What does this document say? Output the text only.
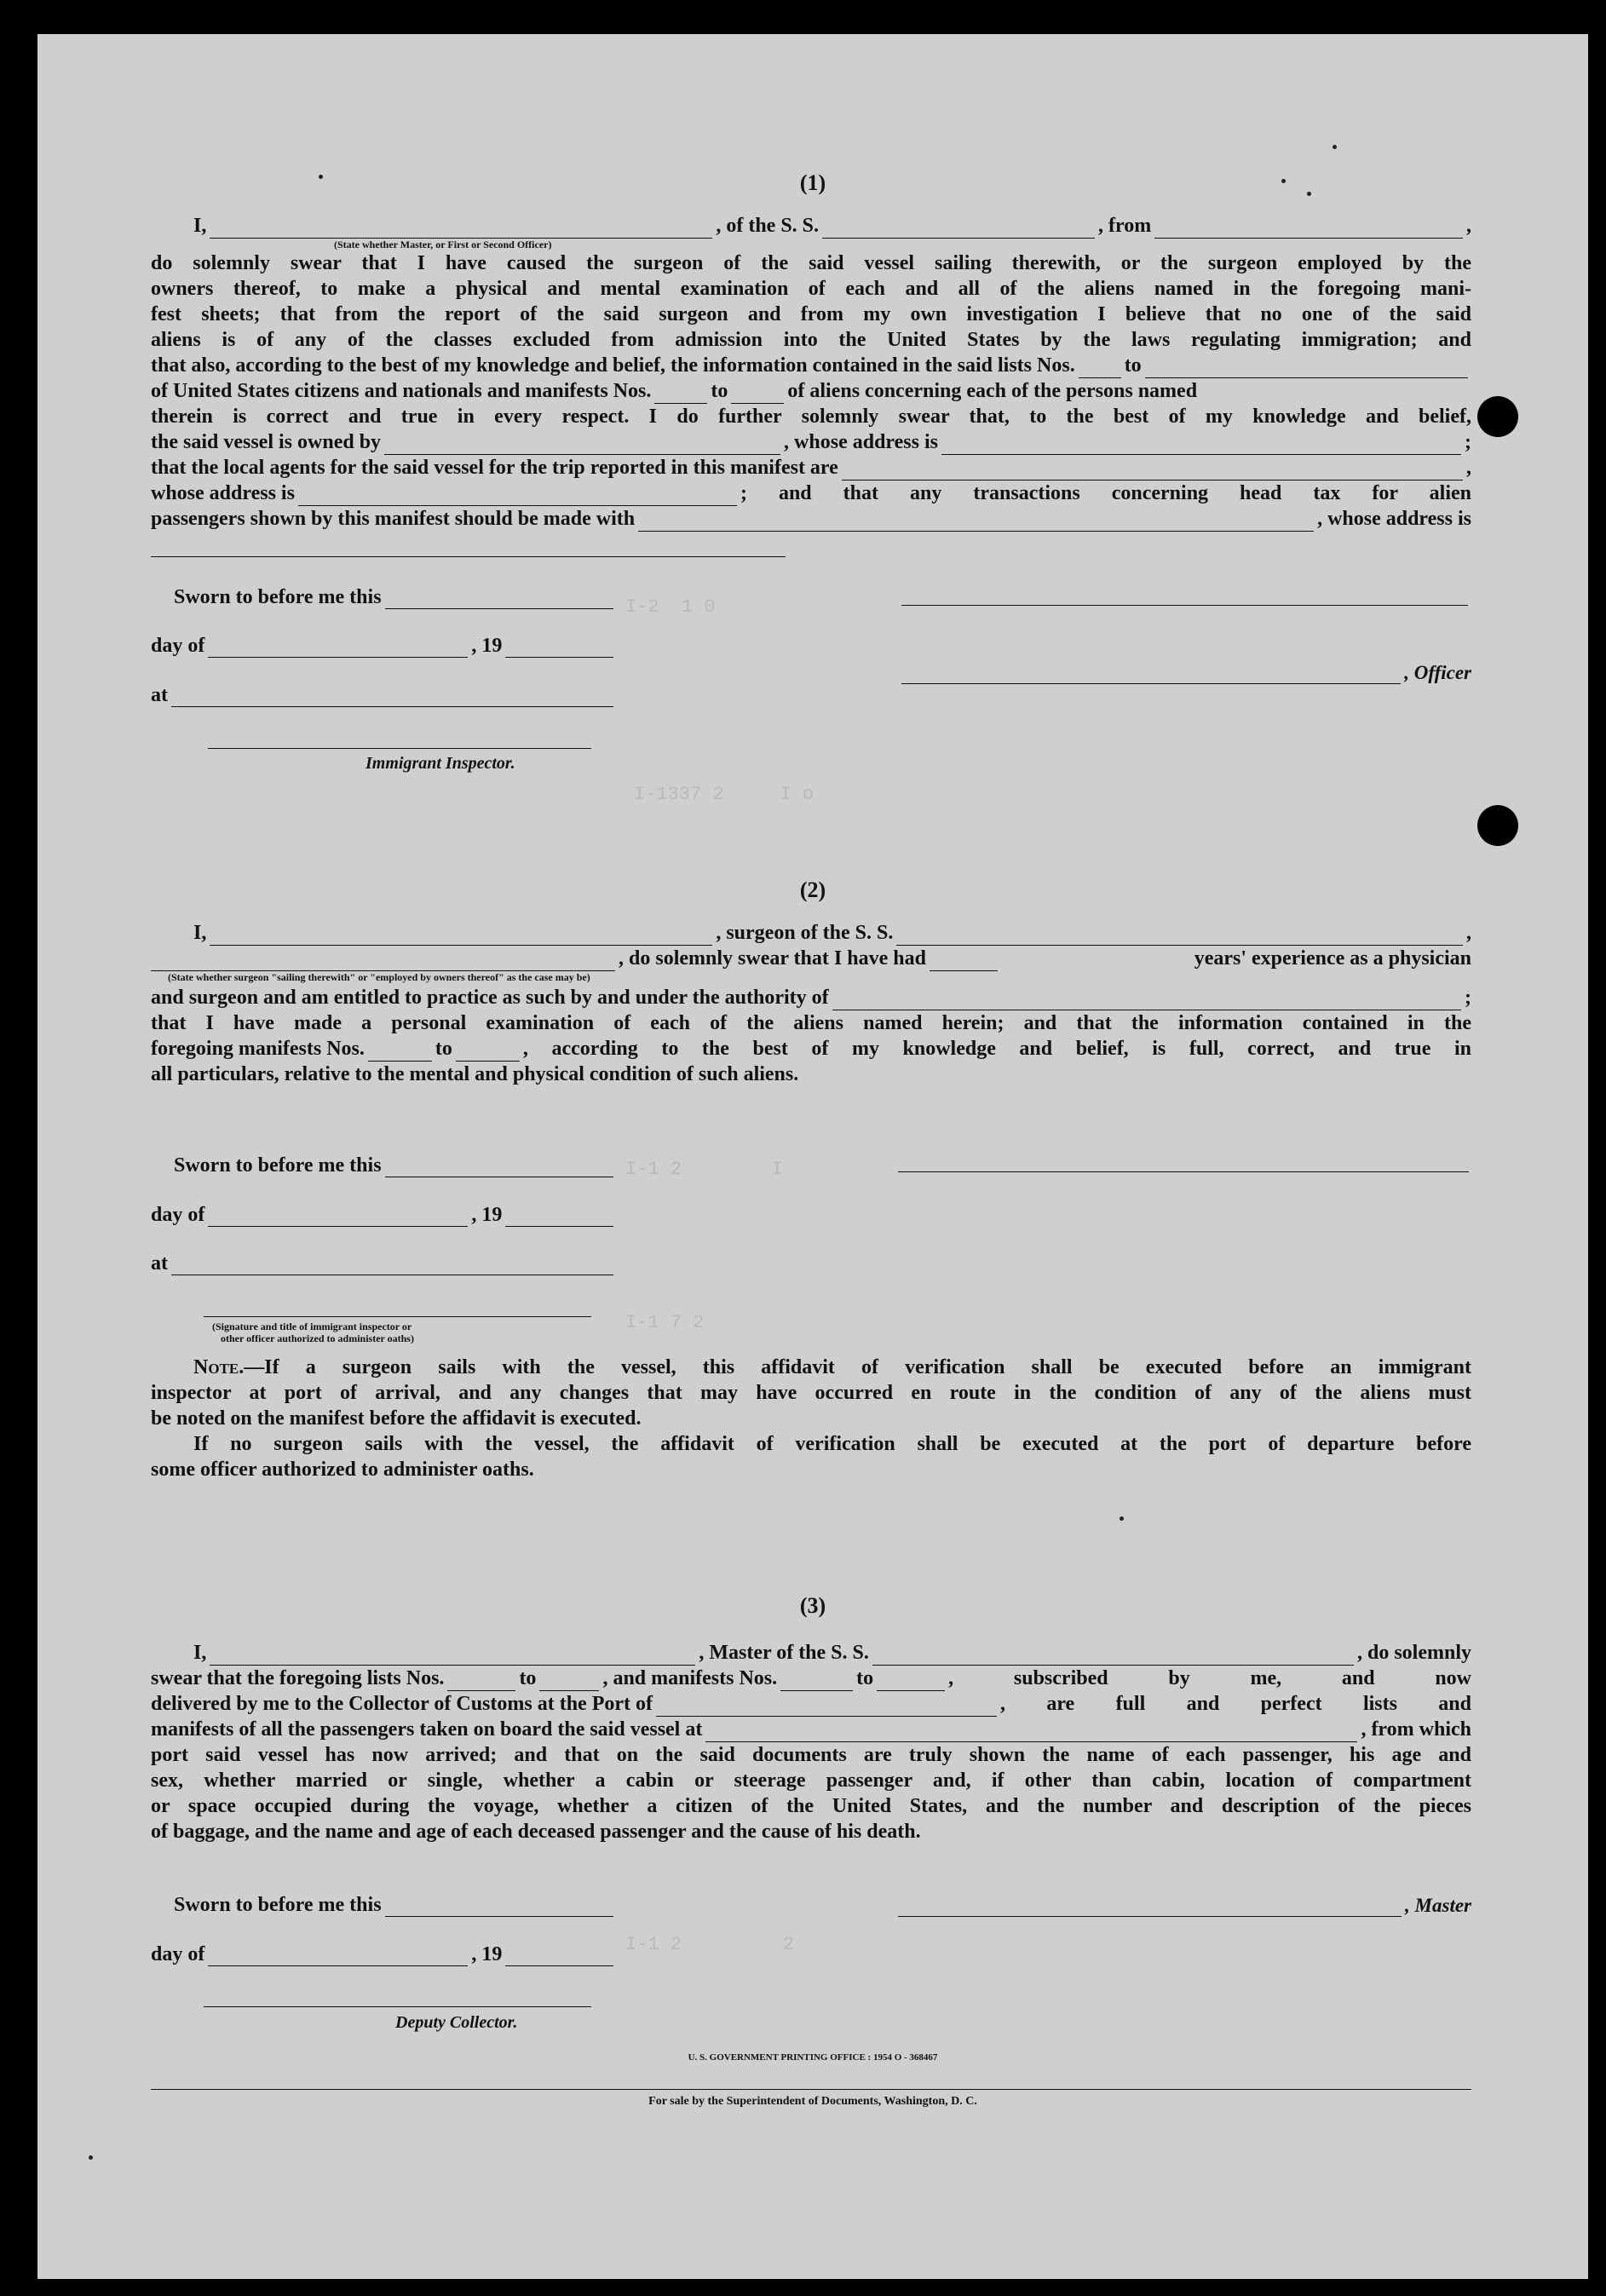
I-2  1 0
I-1337 2     I o
I-1 2        I
I-1 7 2
I-1 2         2
(1)
I,	, of the S. S.	, from	,
(State whether Master, or First or Second Officer)
do solemnly swear that I have caused the surgeon of the said vessel sailing therewith, or the surgeon employed by the
owners thereof, to make a physical and mental examination of each and all of the aliens named in the foregoing mani-
fest sheets; that from the report of the said surgeon and from my own investigation I believe that no one of the said
aliens is of any of the classes excluded from admission into the United States by the laws regulating immigration; and
that also, according to the best of my knowledge and belief, the information contained in the said lists Nos. to
of United States citizens and nationals and manifests Nos.	to	of aliens concerning each of the persons named
therein is correct and true in every respect. I do further solemnly swear that, to the best of my knowledge and belief,
the said vessel is owned by	, whose address is	;
that the local agents for the said vessel for the trip reported in this manifest are	,
whose address is	; and that any transactions concerning head tax for alien
passengers shown by this manifest should be made with	, whose address is
Sworn to before me this
day of	, 19
at
Immigrant Inspector.
, Officer
(2)
I,	, surgeon of the S. S.	,
, do solemnly swear that I have had	years' experience as a physician
(State whether surgeon "sailing therewith" or "employed by owners thereof" as the case may be)
and surgeon and am entitled to practice as such by and under the authority of	;
that I have made a personal examination of each of the aliens named herein; and that the information contained in the
foregoing manifests Nos.	to	, according to the best of my knowledge and belief, is full, correct, and true in
all particulars, relative to the mental and physical condition of such aliens.
Sworn to before me this
day of	, 19
at
(Signature and title of immigrant inspector or
other officer authorized to administer oaths)
Note.—If a surgeon sails with the vessel, this affidavit of verification shall be executed before an immigrant
inspector at port of arrival, and any changes that may have occurred en route in the condition of any of the aliens must
be noted on the manifest before the affidavit is executed.
If no surgeon sails with the vessel, the affidavit of verification shall be executed at the port of departure before
some officer authorized to administer oaths.
(3)
I,	, Master of the S. S.	, do solemnly
swear that the foregoing lists Nos.	to	, and manifests Nos.	to	, subscribed by me, and now
delivered by me to the Collector of Customs at the Port of	, are full and perfect lists and
manifests of all the passengers taken on board the said vessel at	, from which
port said vessel has now arrived; and that on the said documents are truly shown the name of each passenger, his age and
sex, whether married or single, whether a cabin or steerage passenger and, if other than cabin, location of compartment
or space occupied during the voyage, whether a citizen of the United States, and the number and description of the pieces
of baggage, and the name and age of each deceased passenger and the cause of his death.
Sworn to before me this
day of	, 19
Deputy Collector.
, Master
U. S. GOVERNMENT PRINTING OFFICE : 1954 O - 368467
For sale by the Superintendent of Documents, Washington, D. C.
